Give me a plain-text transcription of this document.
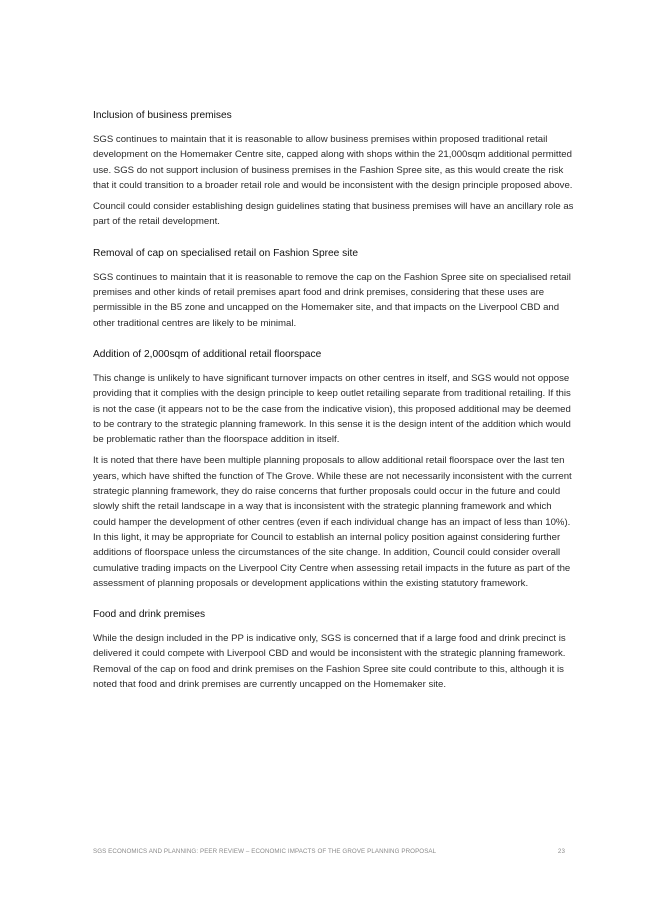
Inclusion of business premises

SGS continues to maintain that it is reasonable to allow business premises within proposed traditional retail development on the Homemaker Centre site, capped along with shops within the 21,000sqm additional permitted use. SGS do not support inclusion of business premises in the Fashion Spree site, as this would create the risk that it could transition to a broader retail role and would be inconsistent with the design principle proposed above.

Council could consider establishing design guidelines stating that business premises will have an ancillary role as part of the retail development.

Removal of cap on specialised retail on Fashion Spree site

SGS continues to maintain that it is reasonable to remove the cap on the Fashion Spree site on specialised retail premises and other kinds of retail premises apart food and drink premises, considering that these uses are permissible in the B5 zone and uncapped on the Homemaker site, and that impacts on the Liverpool CBD and other traditional centres are likely to be minimal.

Addition of 2,000sqm of additional retail floorspace

This change is unlikely to have significant turnover impacts on other centres in itself, and SGS would not oppose providing that it complies with the design principle to keep outlet retailing separate from traditional retailing. If this is not the case (it appears not to be the case from the indicative vision), this proposed additional may be deemed to be contrary to the strategic planning framework. In this sense it is the design intent of the addition which would be problematic rather than the floorspace addition in itself.

It is noted that there have been multiple planning proposals to allow additional retail floorspace over the last ten years, which have shifted the function of The Grove. While these are not necessarily inconsistent with the current strategic planning framework, they do raise concerns that further proposals could occur in the future and could slowly shift the retail landscape in a way that is inconsistent with the strategic planning framework and which could hamper the development of other centres (even if each individual change has an impact of less than 10%). In this light, it may be appropriate for Council to establish an internal policy position against considering further additions of floorspace unless the circumstances of the site change. In addition, Council could consider overall cumulative trading impacts on the Liverpool City Centre when assessing retail impacts in the future as part of the assessment of planning proposals or development applications within the existing statutory framework.

Food and drink premises

While the design included in the PP is indicative only, SGS is concerned that if a large food and drink precinct is delivered it could compete with Liverpool CBD and would be inconsistent with the strategic planning framework. Removal of the cap on food and drink premises on the Fashion Spree site could contribute to this, although it is noted that food and drink premises are currently uncapped on the Homemaker site.

SGS ECONOMICS AND PLANNING: PEER REVIEW – ECONOMIC IMPACTS OF THE GROVE PLANNING PROPOSAL	23
